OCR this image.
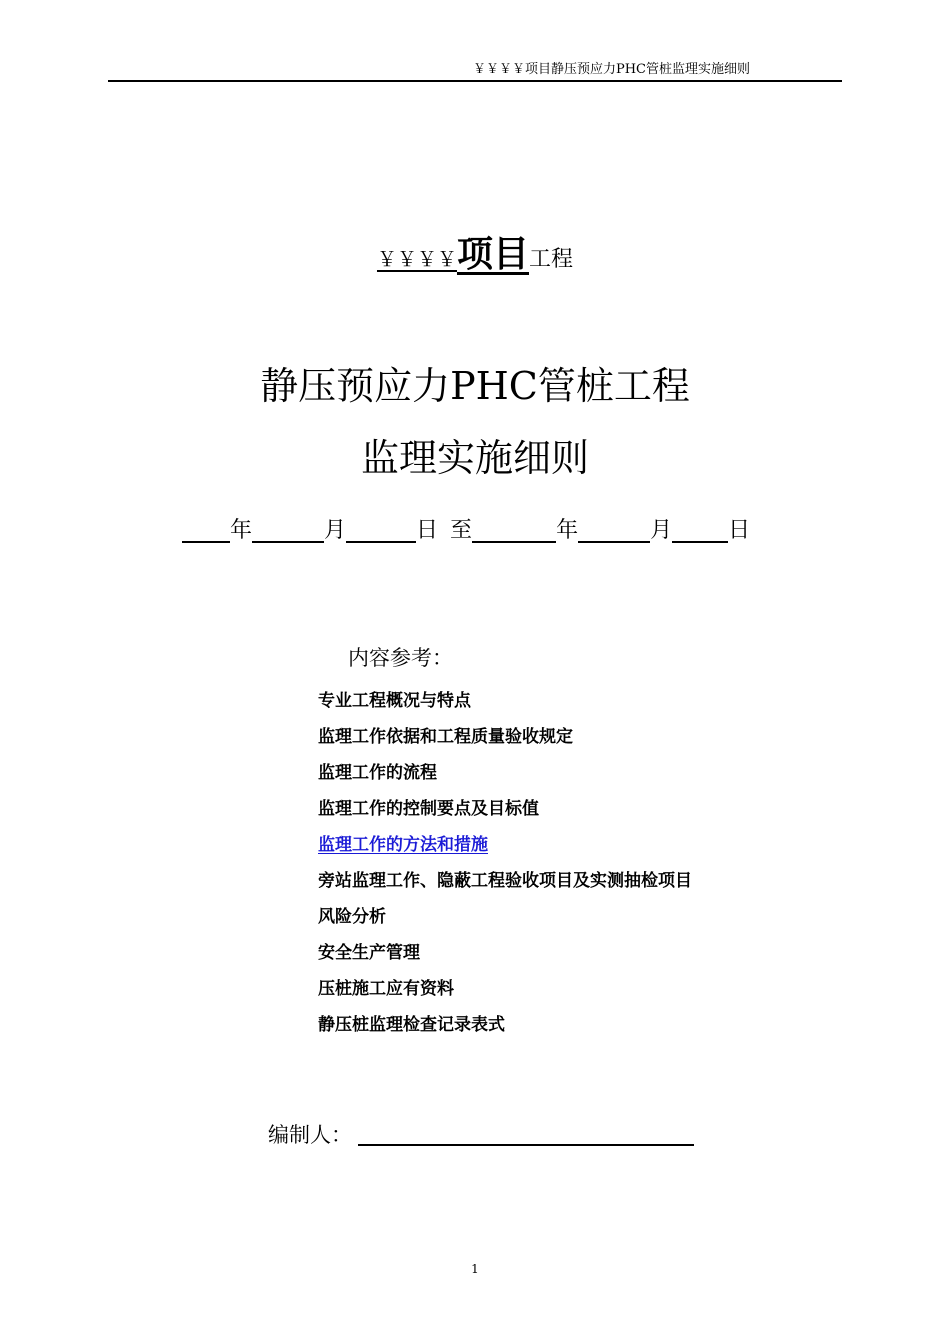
￥￥￥￥项目静压预应力PHC管桩监理实施细则
￥￥￥￥项目工程
静压预应力PHC管桩工程
监理实施细则
年	月	日 至	年	月	日
内容参考：
专业工程概况与特点
监理工作依据和工程质量验收规定
监理工作的流程
监理工作的控制要点及目标值
监理工作的方法和措施
旁站监理工作、隐蔽工程验收项目及实测抽检项目
风险分析
安全生产管理
压桩施工应有资料
静压桩监理检查记录表式
编制人：
1
